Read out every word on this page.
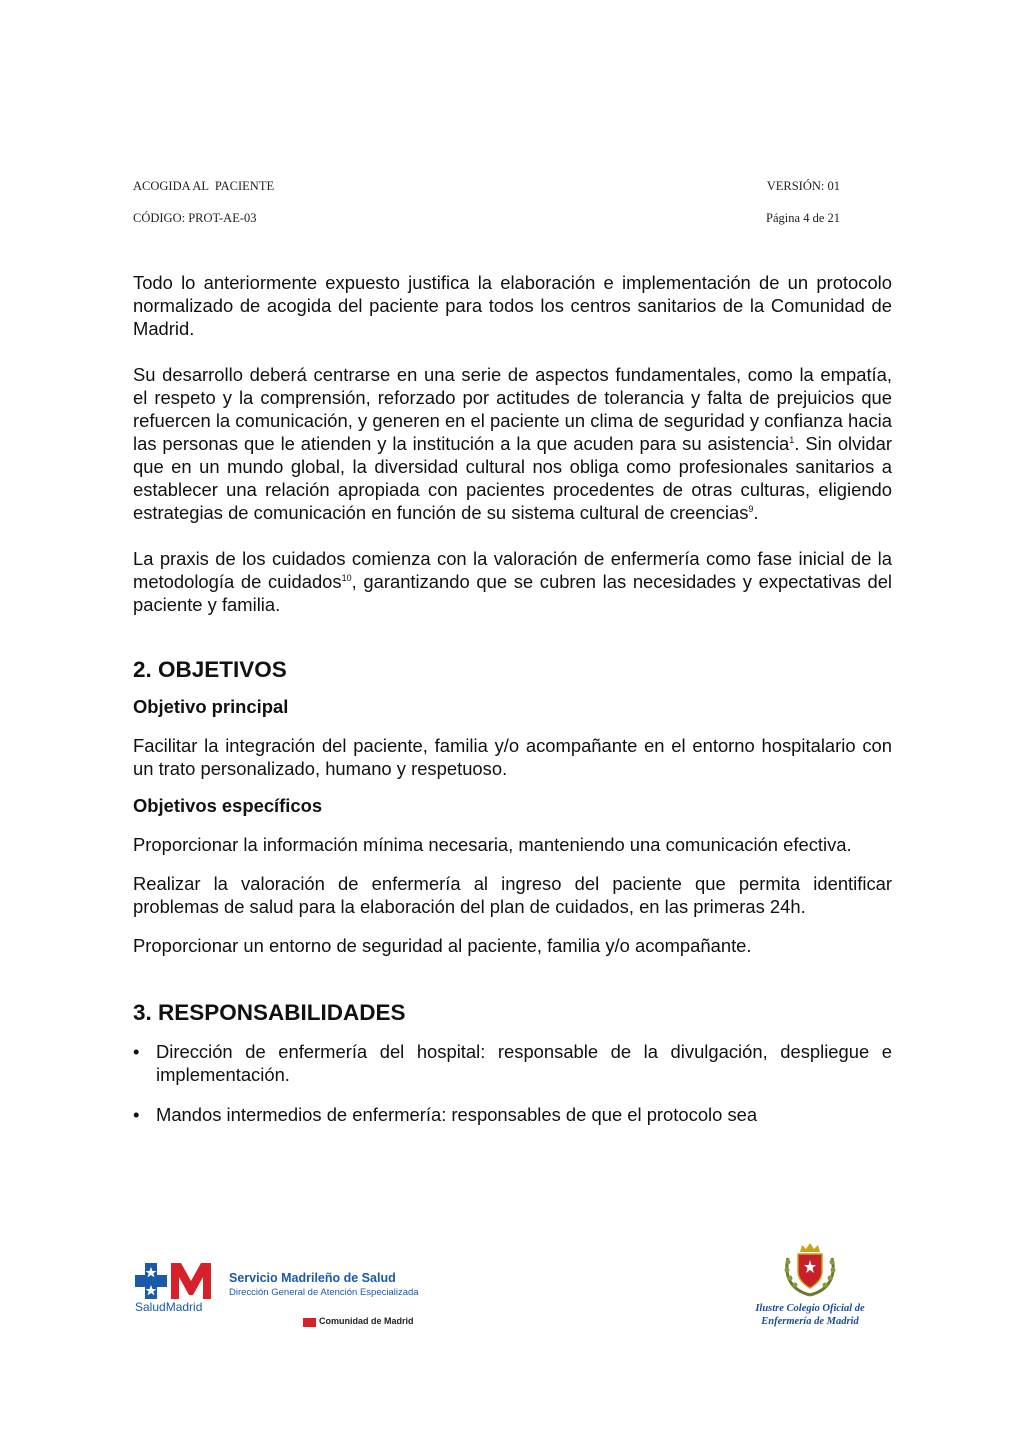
ACOGIDA AL  PACIENTE	VERSIÓN: 01
CÓDIGO: PROT-AE-03	Página 4 de 21

Todo lo anteriormente expuesto justifica la elaboración e implementación de un protocolo normalizado de acogida del paciente para todos los centros sanitarios de la Comunidad de Madrid.

Su desarrollo deberá centrarse en una serie de aspectos fundamentales, como la empatía, el respeto y la comprensión, reforzado por actitudes de tolerancia y falta de prejuicios que refuercen la comunicación, y generen en el paciente un clima de seguridad y confianza hacia las personas que le atienden y la institución a la que acuden para su asistencia$^1$. Sin olvidar que en un mundo global, la diversidad cultural nos obliga como profesionales sanitarios a establecer una relación apropiada con pacientes procedentes de otras culturas, eligiendo estrategias de comunicación en función de su sistema cultural de creencias$^9$.

La praxis de los cuidados comienza con la valoración de enfermería como fase inicial de la metodología de cuidados$^{10}$, garantizando que se cubren las necesidades y expectativas del paciente y familia.

2. OBJETIVOS
Objetivo principal

Facilitar la integración del paciente, familia y/o acompañante en el entorno hospitalario con un trato personalizado, humano y respetuoso.

Objetivos específicos

Proporcionar la información mínima necesaria, manteniendo una comunicación efectiva.

Realizar la valoración de enfermería al ingreso del paciente que permita identificar problemas de salud para la elaboración del plan de cuidados, en las primeras 24h.

Proporcionar un entorno de seguridad al paciente, familia y/o acompañante.

3. RESPONSABILIDADES
• Dirección de enfermería del hospital: responsable de la divulgación, despliegue e implementación.
• Mandos intermedios de enfermería: responsables de que el protocolo sea
Servicio Madrileño de Salud
Dirección General de Atención Especializada
SaludMadrid
Comunidad de Madrid
Ilustre Colegio Oficial de
Enfermería de Madrid
